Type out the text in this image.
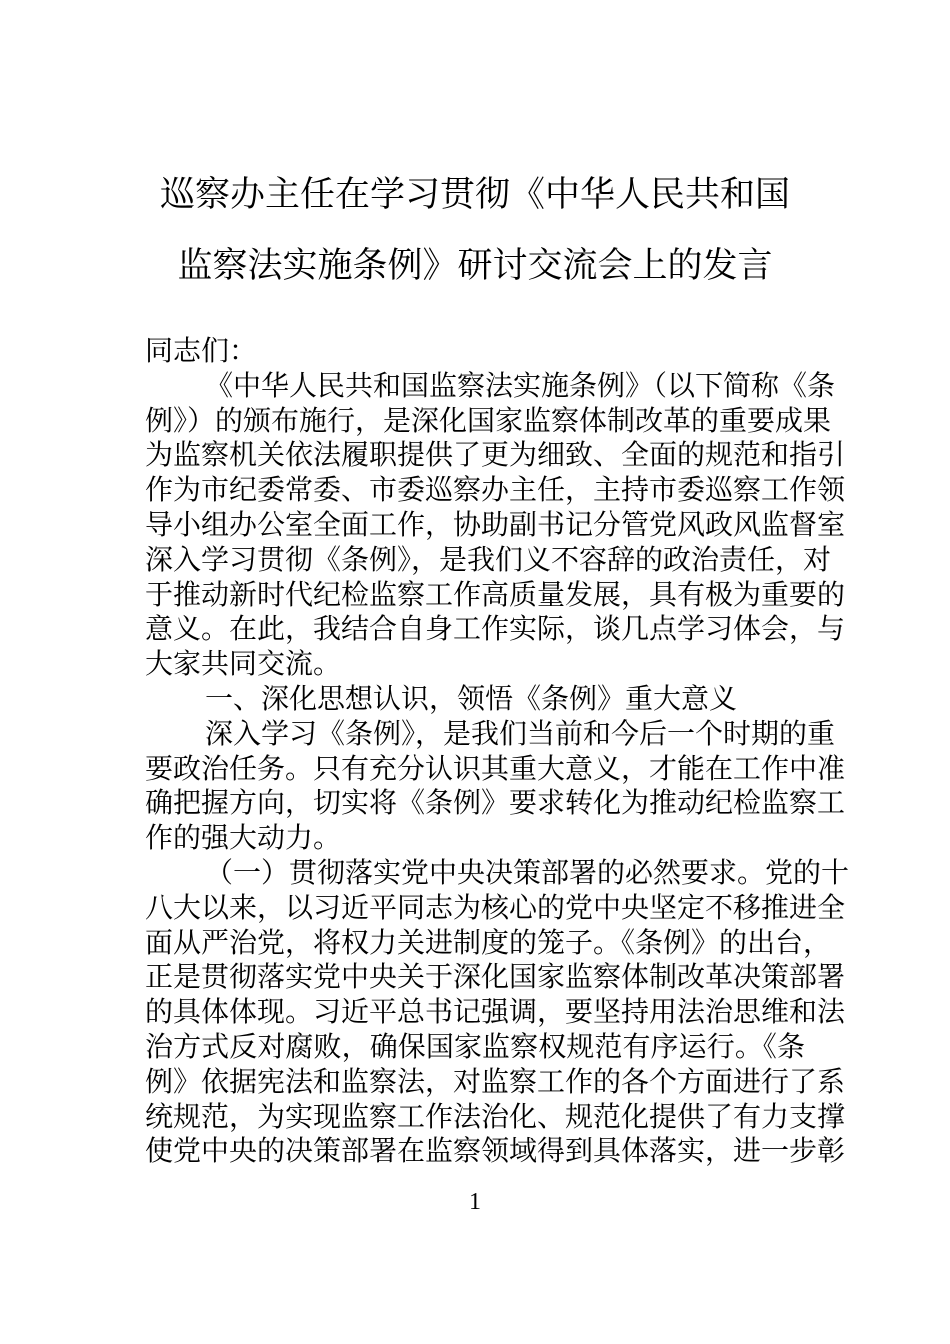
巡察办主任在学习贯彻《中华人民共和国
监察法实施条例》研讨交流会上的发言
同志们：
《中华人民共和国监察法实施条例》（以下简称《条
例》）的颁布施行，是深化国家监察体制改革的重要成果
为监察机关依法履职提供了更为细致、全面的规范和指引
作为市纪委常委、市委巡察办主任，主持市委巡察工作领
导小组办公室全面工作，协助副书记分管党风政风监督室
深入学习贯彻《条例》，是我们义不容辞的政治责任，对
于推动新时代纪检监察工作高质量发展，具有极为重要的
意义。在此，我结合自身工作实际，谈几点学习体会，与
大家共同交流。
一、深化思想认识，领悟《条例》重大意义
深入学习《条例》，是我们当前和今后一个时期的重
要政治任务。只有充分认识其重大意义，才能在工作中准
确把握方向，切实将《条例》要求转化为推动纪检监察工
作的强大动力。
（一）贯彻落实党中央决策部署的必然要求。党的十
八大以来，以习近平同志为核心的党中央坚定不移推进全
面从严治党，将权力关进制度的笼子。《条例》的出台，
正是贯彻落实党中央关于深化国家监察体制改革决策部署
的具体体现。习近平总书记强调，要坚持用法治思维和法
治方式反对腐败，确保国家监察权规范有序运行。《条
例》依据宪法和监察法，对监察工作的各个方面进行了系
统规范，为实现监察工作法治化、规范化提供了有力支撑
使党中央的决策部署在监察领域得到具体落实，进一步彰
1
